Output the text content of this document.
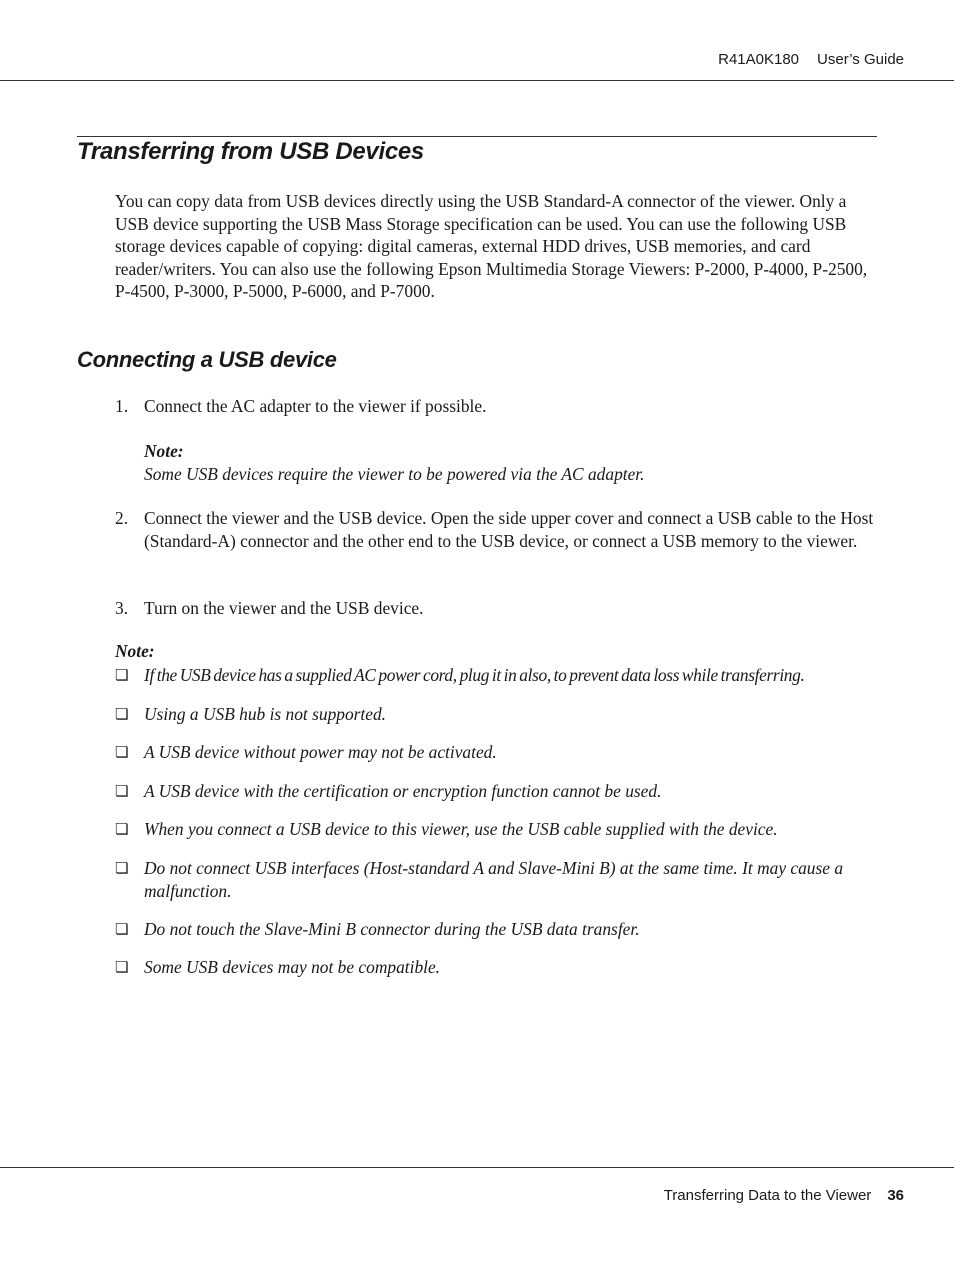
R41A0K180 User’s Guide
Transferring from USB Devices

You can copy data from USB devices directly using the USB Standard-A connector of the viewer. Only a USB device supporting the USB Mass Storage specification can be used. You can use the following USB storage devices capable of copying: digital cameras, external HDD drives, USB memories, and card reader/writers. You can also use the following Epson Multimedia Storage Viewers: P-2000, P-4000, P-2500, P-4500, P-3000, P-5000, P-6000, and P-7000.

Connecting a USB device
1. Connect the AC adapter to the viewer if possible.
Note:
Some USB devices require the viewer to be powered via the AC adapter.
2. Connect the viewer and the USB device. Open the side upper cover and connect a USB cable to the Host (Standard-A) connector and the other end to the USB device, or connect a USB memory to the viewer.
3. Turn on the viewer and the USB device.
Note:
❏ If the USB device has a supplied AC power cord, plug it in also, to prevent data loss while transferring.
❏ Using a USB hub is not supported.
❏ A USB device without power may not be activated.
❏ A USB device with the certification or encryption function cannot be used.
❏ When you connect a USB device to this viewer, use the USB cable supplied with the device.
❏ Do not connect USB interfaces (Host-standard A and Slave-Mini B) at the same time. It may cause a malfunction.
❏ Do not touch the Slave-Mini B connector during the USB data transfer.
❏ Some USB devices may not be compatible.
Transferring Data to the Viewer 36
